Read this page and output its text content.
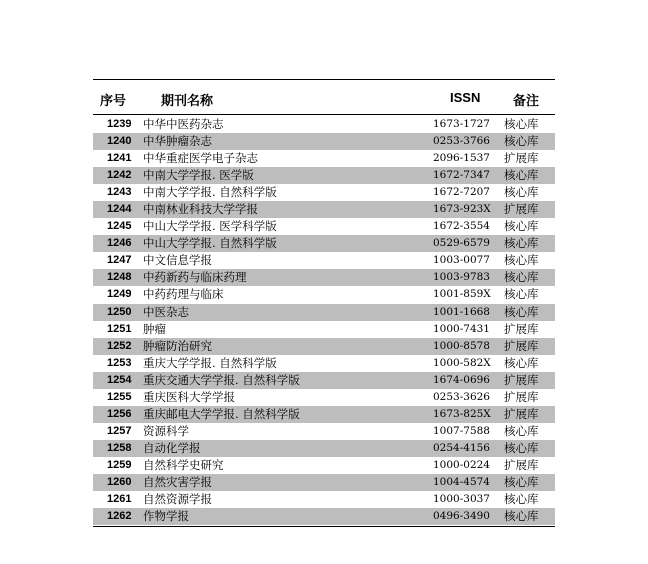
序号	期刊名称	ISSN	备注
1239 中华中医药杂志	1673-1727 核心库
1240 中华肿瘤杂志	0253-3766 核心库
1241 中华重症医学电子杂志	2096-1537 扩展库
1242 中南大学学报. 医学版	1672-7347 核心库
1243 中南大学学报. 自然科学版	1672-7207 核心库
1244 中南林业科技大学学报	1673-923X 扩展库
1245 中山大学学报. 医学科学版	1672-3554 核心库
1246 中山大学学报. 自然科学版	0529-6579 核心库
1247 中文信息学报	1003-0077 核心库
1248 中药新药与临床药理	1003-9783 核心库
1249 中药药理与临床	1001-859X 核心库
1250 中医杂志	1001-1668 核心库
1251 肿瘤	1000-7431 扩展库
1252 肿瘤防治研究	1000-8578 扩展库
1253 重庆大学学报. 自然科学版	1000-582X 核心库
1254 重庆交通大学学报. 自然科学版	1674-0696 扩展库
1255 重庆医科大学学报	0253-3626 扩展库
1256 重庆邮电大学学报. 自然科学版	1673-825X 扩展库
1257 资源科学	1007-7588 核心库
1258 自动化学报	0254-4156 核心库
1259 自然科学史研究	1000-0224 扩展库
1260 自然灾害学报	1004-4574 核心库
1261 自然资源学报	1000-3037 核心库
1262 作物学报	0496-3490 核心库
